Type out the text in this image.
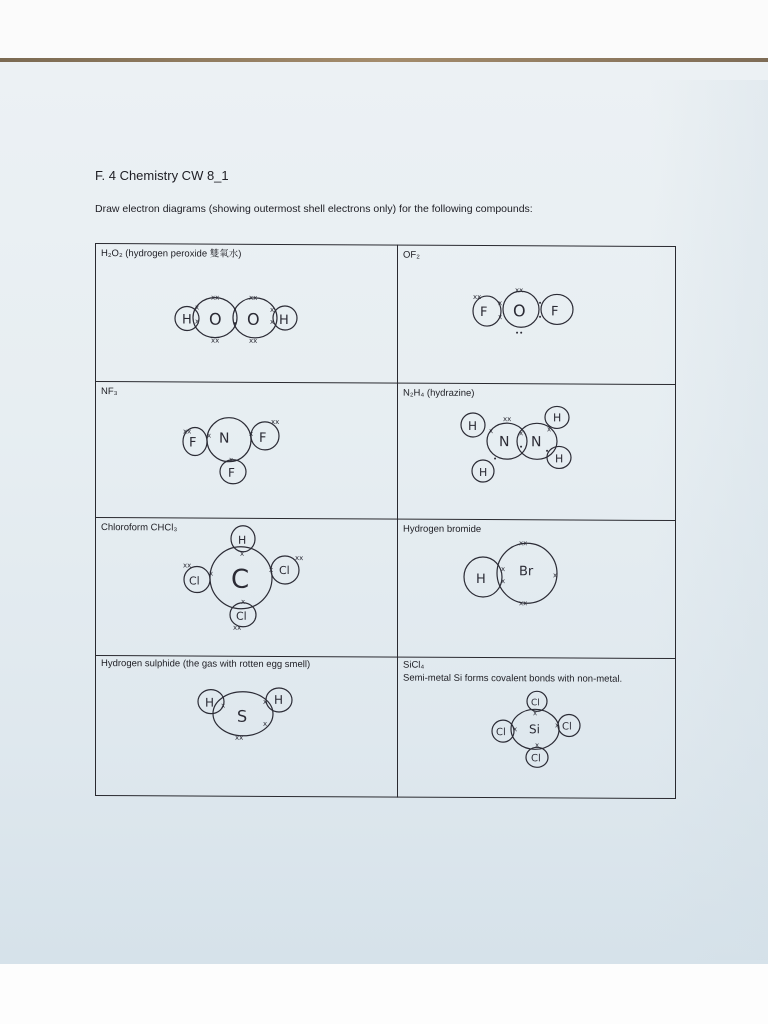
F. 4 Chemistry CW 8_1

Draw electron diagrams (showing outermost shell electrons only) for the following compounds:

H₂O₂ (hydrogen peroxide 雙氧水)
H O O H
x
x
•
•
x
x
xx
xx
xx
xx
OF₂
F O F
x
x
•
•
xx
xx
••
NF₃
F N F
F
x	x
x
xx
xx
N₂H₄ (hydrazine)
H
N N
H
H
H
x	x
•
x
•
•
xx
Chloroform CHCl₃
H
Cl C	Cl
Cl
x
x	x
x
xx
xx
xx
Hydrogen bromide
H
Br
x
x
xx
x
xx
Hydrogen sulphide (the gas with rotten egg smell)
H
S
H
x	x
xx
x
SiCl₄
Semi-metal Si forms covalent bonds with non-metal.
Cl
Cl Si Cl
Cl
x
x	x
x
